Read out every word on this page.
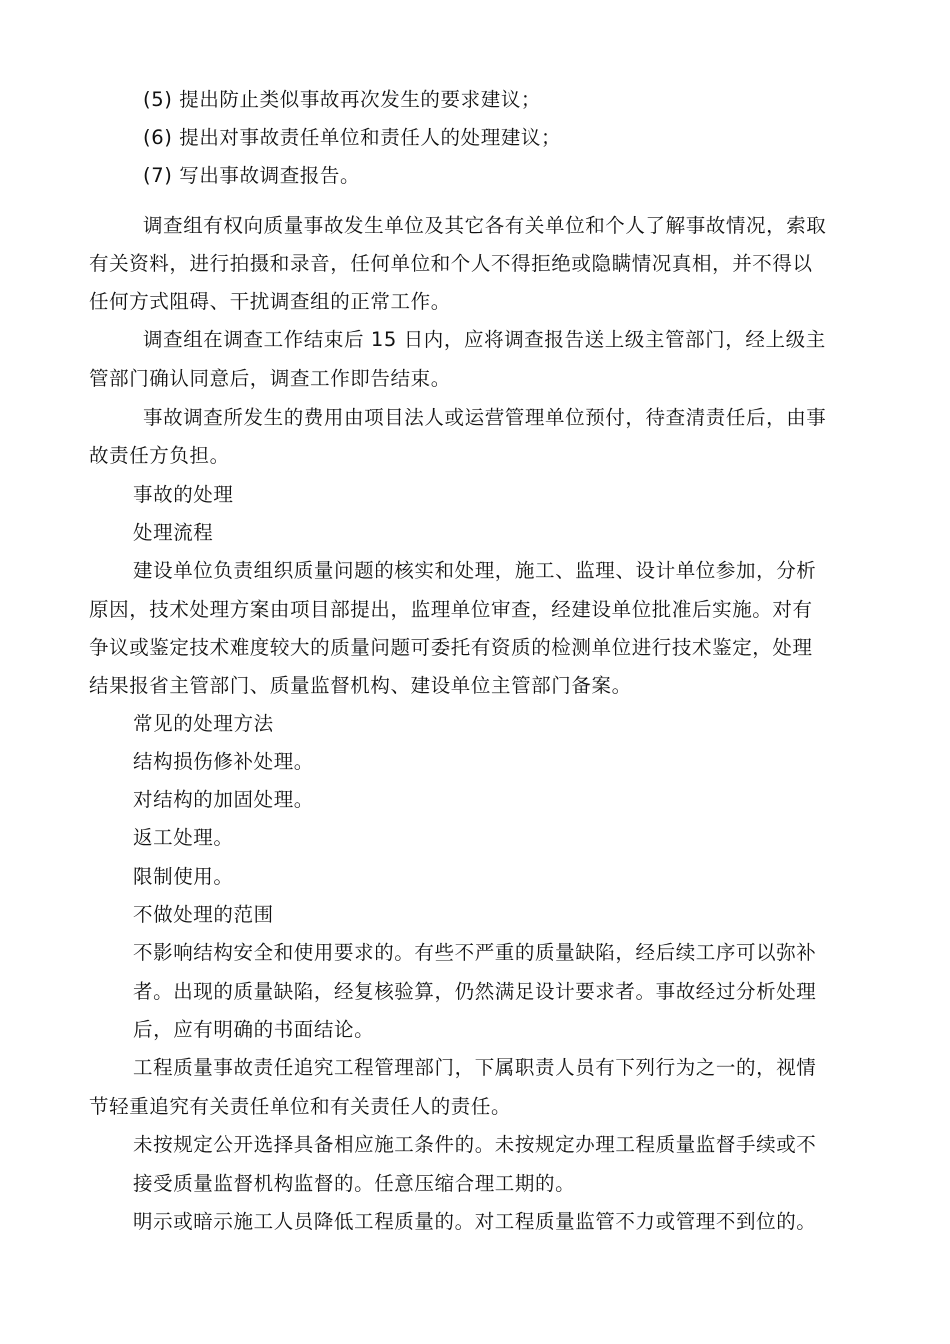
(5) 提出防止类似事故再次发生的要求建议；
(6) 提出对事故责任单位和责任人的处理建议；
(7) 写出事故调查报告。
调查组有权向质量事故发生单位及其它各有关单位和个人了解事故情况，索取
有关资料，进行拍摄和录音，任何单位和个人不得拒绝或隐瞒情况真相，并不得以
任何方式阻碍、干扰调查组的正常工作。
调查组在调查工作结束后 15 日内，应将调查报告送上级主管部门，经上级主
管部门确认同意后，调查工作即告结束。
事故调查所发生的费用由项目法人或运营管理单位预付，待查清责任后，由事
故责任方负担。
事故的处理
处理流程
建设单位负责组织质量问题的核实和处理，施工、监理、设计单位参加，分析
原因，技术处理方案由项目部提出，监理单位审查，经建设单位批准后实施。对有
争议或鉴定技术难度较大的质量问题可委托有资质的检测单位进行技术鉴定，处理
结果报省主管部门、质量监督机构、建设单位主管部门备案。
常见的处理方法
结构损伤修补处理。
对结构的加固处理。
返工处理。
限制使用。
不做处理的范围
不影响结构安全和使用要求的。有些不严重的质量缺陷，经后续工序可以弥补
者。出现的质量缺陷，经复核验算，仍然满足设计要求者。事故经过分析处理
后，应有明确的书面结论。
工程质量事故责任追究工程管理部门，下属职责人员有下列行为之一的，视情
节轻重追究有关责任单位和有关责任人的责任。
未按规定公开选择具备相应施工条件的。未按规定办理工程质量监督手续或不
接受质量监督机构监督的。任意压缩合理工期的。
明示或暗示施工人员降低工程质量的。对工程质量监管不力或管理不到位的。
